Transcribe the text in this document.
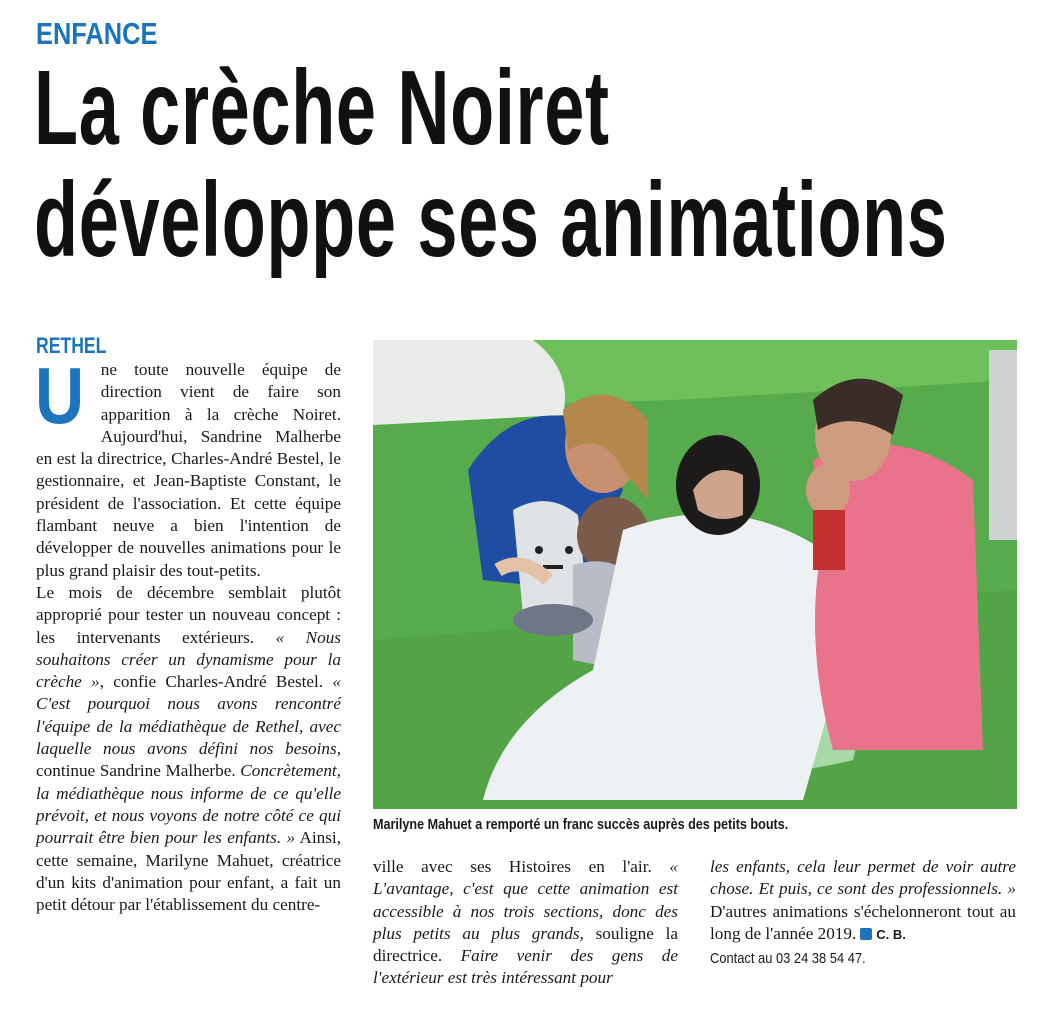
ENFANCE
La crèche Noiret
développe ses animations
RETHEL

Une toute nouvelle équipe de direction vient de faire son apparition à la crèche Noiret. Aujourd'hui, Sandrine Malherbe en est la directrice, Charles-André Bestel, le gestionnaire, et Jean-Baptiste Constant, le président de l'association. Et cette équipe flambant neuve a bien l'intention de développer de nouvelles animations pour le plus grand plaisir des tout-petits.

Le mois de décembre semblait plutôt approprié pour tester un nouveau concept : les intervenants extérieurs. « Nous souhaitons créer un dynamisme pour la crèche », confie Charles-André Bestel. « C'est pourquoi nous avons rencontré l'équipe de la médiathèque de Rethel, avec laquelle nous avons défini nos besoins, continue Sandrine Malherbe. Concrètement, la médiathèque nous informe de ce qu'elle prévoit, et nous voyons de notre côté ce qui pourrait être bien pour les enfants. » Ainsi, cette semaine, Marilyne Mahuet, créatrice d'un kits d'animation pour enfant, a fait un petit détour par l'établissement du centre-

Marilyne Mahuet a remporté un franc succès auprès des petits bouts.

ville avec ses Histoires en l'air. « L'avantage, c'est que cette animation est accessible à nos trois sections, donc des plus petits au plus grands, souligne la directrice. Faire venir des gens de l'extérieur est très intéressant pour

les enfants, cela leur permet de voir autre chose. Et puis, ce sont des professionnels. » D'autres animations s'échelonneront tout au long de l'année 2019. C. B.

Contact au 03 24 38 54 47.
